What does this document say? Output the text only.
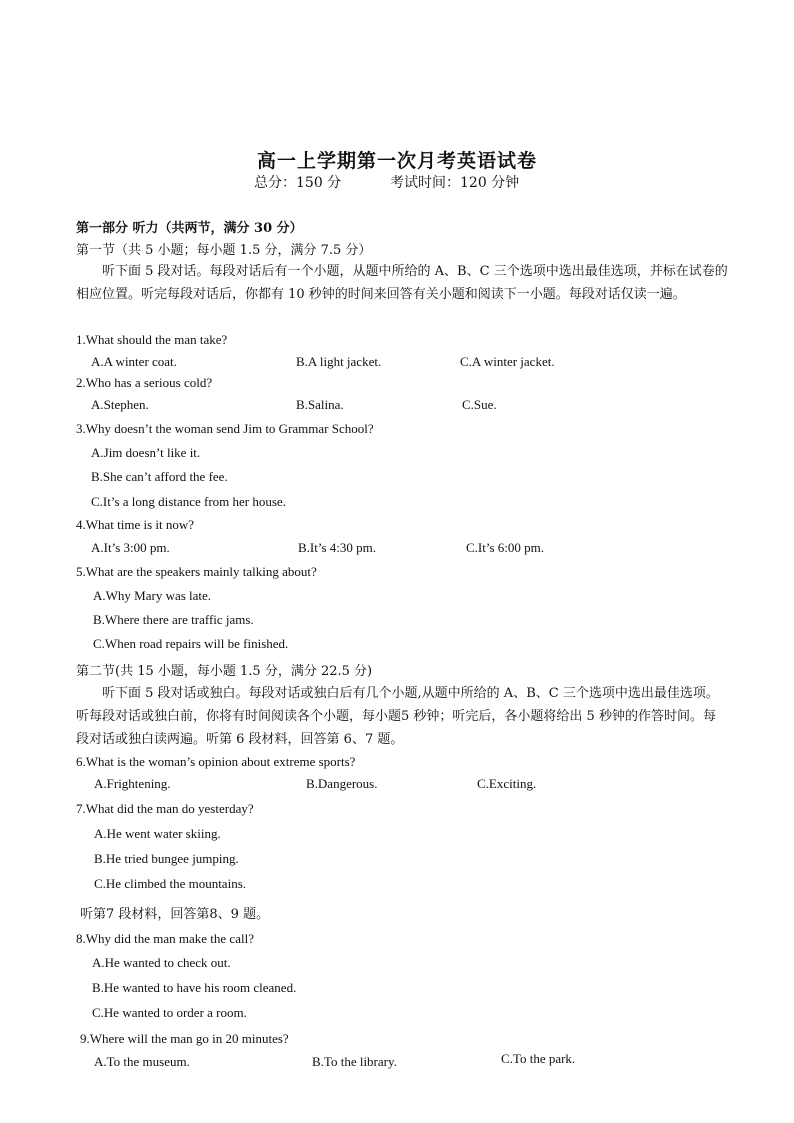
高一上学期第一次月考英语试卷
总分：150 分	考试时间：120 分钟
第一部分 听力（共两节，满分 30 分）
第一节（共 5 小题；每小题 1.5 分，满分 7.5 分）
听下面 5 段对话。每段对话后有一个小题，从题中所给的 A、B、C 三个选项中选出最佳选项，并标在试卷的相应位置。听完每段对话后，你都有 10 秒钟的时间来回答有关小题和阅读下一小题。每段对话仅读一遍。
1.What should the man take?
A.A winter coat.	B.A light jacket.	C.A winter jacket.
2.Who has a serious cold?
A.Stephen.	B.Salina.	C.Sue.
3.Why doesn’t the woman send Jim to Grammar School?
A.Jim doesn’t like it.
B.She can’t afford the fee.
C.It’s a long distance from her house.
4.What time is it now?
A.It’s 3:00 pm.	B.It’s 4:30 pm.	C.It’s 6:00 pm.
5.What are the speakers mainly talking about?
A.Why Mary was late.
B.Where there are traffic jams.
C.When road repairs will be finished.
第二节(共 15 小题，每小题 1.5 分，满分 22.5 分)
听下面 5 段对话或独白。每段对话或独白后有几个小题,从题中所给的 A、B、C 三个选项中选出最佳选项。听每段对话或独白前，你将有时间阅读各个小题，每小题5 秒钟；听完后，各小题将给出 5 秒钟的作答时间。每段对话或独白读两遍。听第 6 段材料，回答第 6、7 题。
6.What is the woman’s opinion about extreme sports?
A.Frightening.	B.Dangerous.	C.Exciting.
7.What did the man do yesterday?
A.He went water skiing.
B.He tried bungee jumping.
C.He climbed the mountains.
听第7 段材料，回答第8、9 题。
8.Why did the man make the call?
A.He wanted to check out.
B.He wanted to have his room cleaned.
C.He wanted to order a room.
9.Where will the man go in 20 minutes?
A.To the museum.	B.To the library.	C.To the park.
